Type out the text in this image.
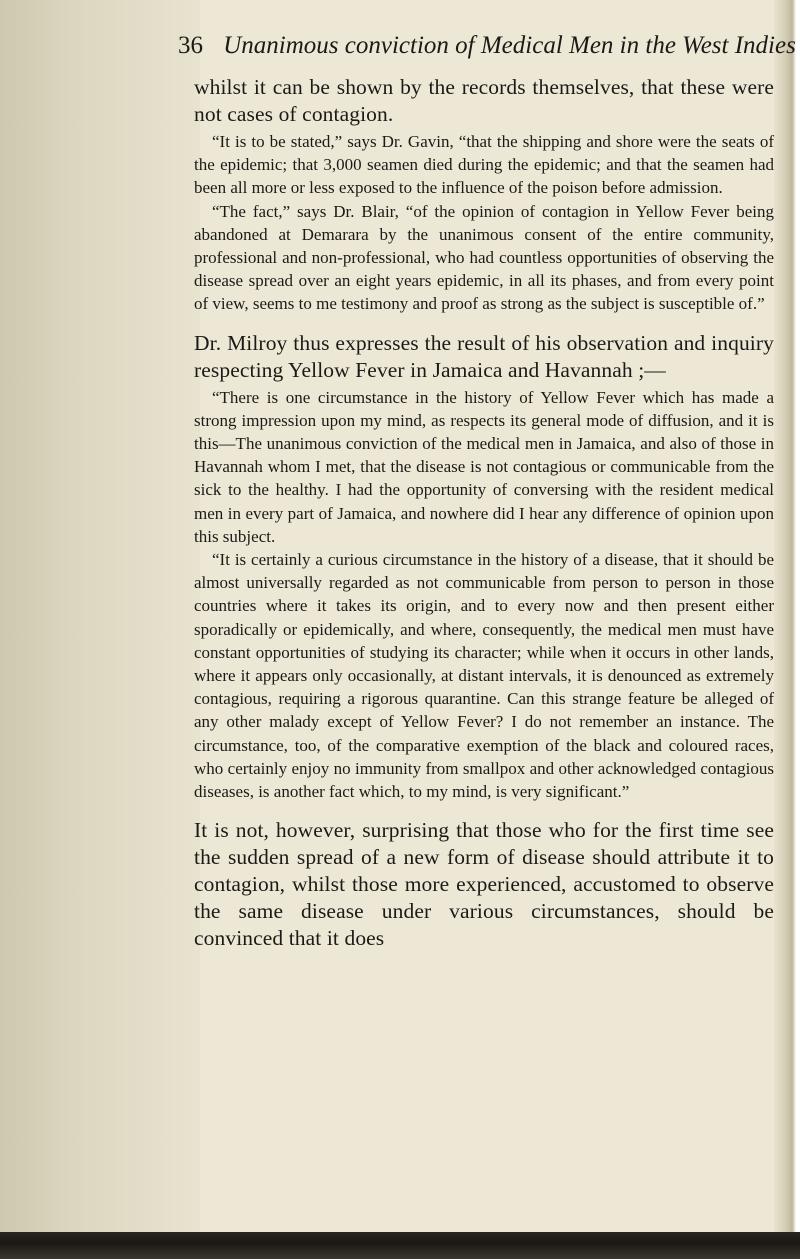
36 Unanimous conviction of Medical Men in the West Indies

whilst it can be shown by the records themselves, that these were not cases of contagion.

“It is to be stated,” says Dr. Gavin, “that the shipping and shore were the seats of the epidemic; that 3,000 seamen died during the epidemic; and that the seamen had been all more or less exposed to the influence of the poison before admission.

“The fact,” says Dr. Blair, “of the opinion of contagion in Yellow Fever being abandoned at Demarara by the unanimous consent of the entire community, professional and non-professional, who had countless opportunities of observing the disease spread over an eight years epidemic, in all its phases, and from every point of view, seems to me testimony and proof as strong as the subject is susceptible of.”

Dr. Milroy thus expresses the result of his observation and inquiry respecting Yellow Fever in Jamaica and Havannah ;—

“There is one circumstance in the history of Yellow Fever which has made a strong impression upon my mind, as respects its general mode of diffusion, and it is this—The unanimous conviction of the medical men in Jamaica, and also of those in Havannah whom I met, that the disease is not contagious or communicable from the sick to the healthy. I had the opportunity of conversing with the resident medical men in every part of Jamaica, and nowhere did I hear any difference of opinion upon this subject.

“It is certainly a curious circumstance in the history of a disease, that it should be almost universally regarded as not communicable from person to person in those countries where it takes its origin, and to every now and then present either sporadically or epidemically, and where, consequently, the medical men must have constant opportunities of studying its character; while when it occurs in other lands, where it appears only occasionally, at distant intervals, it is denounced as extremely contagious, requiring a rigorous quarantine. Can this strange feature be alleged of any other malady except of Yellow Fever? I do not remember an instance. The circumstance, too, of the comparative exemption of the black and coloured races, who certainly enjoy no immunity from smallpox and other acknowledged contagious diseases, is another fact which, to my mind, is very significant.”

It is not, however, surprising that those who for the first time see the sudden spread of a new form of disease should attribute it to contagion, whilst those more experienced, accustomed to observe the same disease under various circumstances, should be convinced that it does
